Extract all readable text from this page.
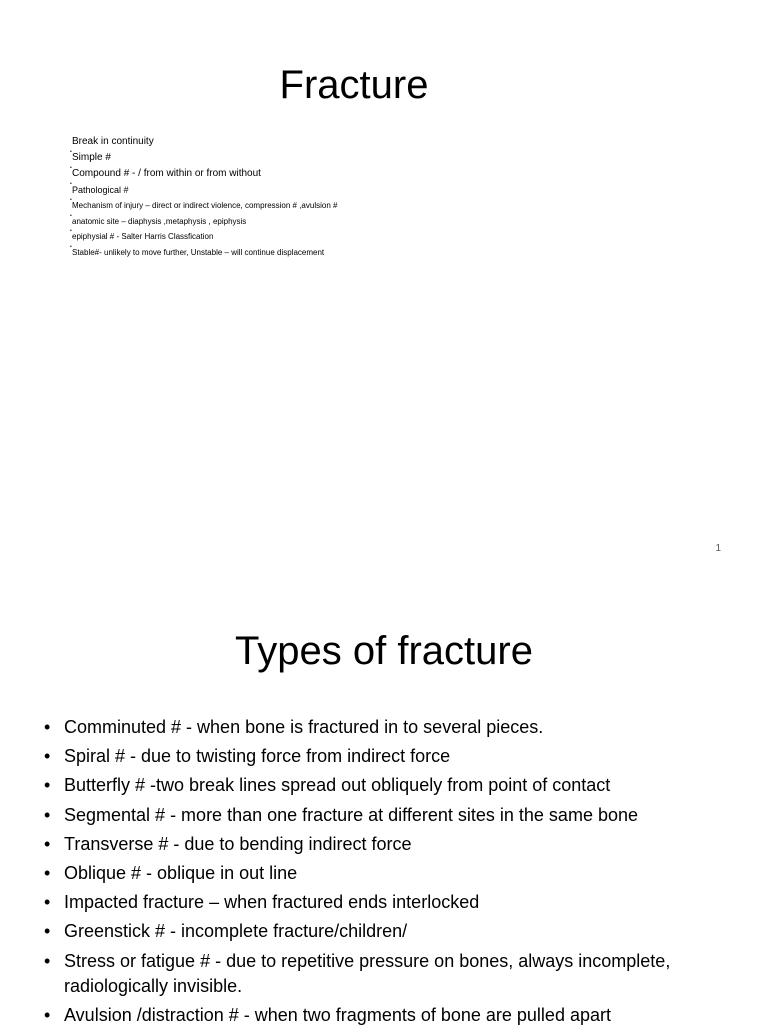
Fracture
Break in continuity
• Simple #
• Compound # - / from within or from without
•
Pathological #
•
Mechanism of injury – direct or indirect violence, compression # ,avulsion #
•
anatomic site – diaphysis ,metaphysis , epiphysis
•
epiphysial # - Salter Harris Classfication
•
Stable#- unlikely to move further, Unstable – will continue displacement
1
Types of fracture
• Comminuted # - when bone is fractured in to several pieces.
• Spiral # - due to twisting force from indirect force
• Butterfly # -two break lines spread out obliquely from point of contact
• Segmental # - more than one fracture at different sites in the same bone
• Transverse # - due to bending indirect force
• Oblique # - oblique in out line
• Impacted fracture – when fractured ends interlocked
• Greenstick # - incomplete fracture/children/
• Stress or fatigue # - due to repetitive pressure on bones, always incomplete, radiologically invisible.
• Avulsion /distraction # - when two fragments of bone are pulled apart
